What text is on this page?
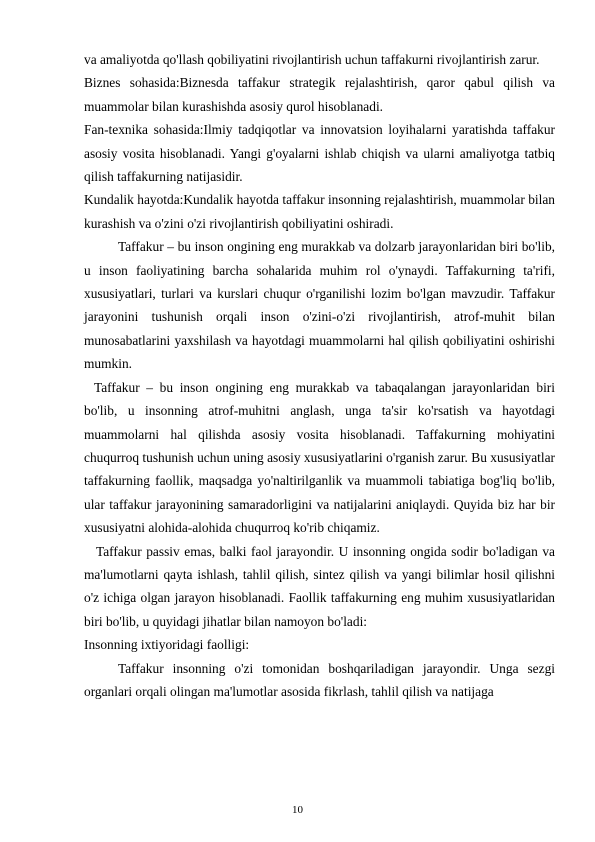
va amaliyotda qo'llash qobiliyatini rivojlantirish uchun taffakurni rivojlantirish zarur.

Biznes sohasida:Biznesda taffakur strategik rejalashtirish, qaror qabul qilish va muammolar bilan kurashishda asosiy qurol hisoblanadi.

Fan-texnika sohasida:Ilmiy tadqiqotlar va innovatsion loyihalarni yaratishda taffakur asosiy vosita hisoblanadi. Yangi g'oyalarni ishlab chiqish va ularni amaliyotga tatbiq qilish taffakurning natijasidir.

Kundalik hayotda:Kundalik hayotda taffakur insonning rejalashtirish, muammolar bilan kurashish va o'zini o'zi rivojlantirish qobiliyatini oshiradi.

Taffakur – bu inson ongining eng murakkab va dolzarb jarayonlaridan biri bo'lib, u inson faoliyatining barcha sohalarida muhim rol o'ynaydi. Taffakurning ta'rifi, xususiyatlari, turlari va kurslari chuqur o'rganilishi lozim bo'lgan mavzudir. Taffakur jarayonini tushunish orqali inson o'zini-o'zi rivojlantirish, atrof-muhit bilan munosabatlarini yaxshilash va hayotdagi muammolarni hal qilish qobiliyatini oshirishi mumkin.

Taffakur – bu inson ongining eng murakkab va tabaqalangan jarayonlaridan biri bo'lib, u insonning atrof-muhitni anglash, unga ta'sir ko'rsatish va hayotdagi muammolarni hal qilishda asosiy vosita hisoblanadi. Taffakurning mohiyatini chuqurroq tushunish uchun uning asosiy xususiyatlarini o'rganish zarur. Bu xususiyatlar taffakurning faollik, maqsadga yo'naltirilganlik va muammoli tabiatiga bog'liq bo'lib, ular taffakur jarayonining samaradorligini va natijalarini aniqlaydi. Quyida biz har bir xususiyatni alohida-alohida chuqurroq ko'rib chiqamiz.

Taffakur passiv emas, balki faol jarayondir. U insonning ongida sodir bo'ladigan va ma'lumotlarni qayta ishlash, tahlil qilish, sintez qilish va yangi bilimlar hosil qilishni o'z ichiga olgan jarayon hisoblanadi. Faollik taffakurning eng muhim xususiyatlaridan biri bo'lib, u quyidagi jihatlar bilan namoyon bo'ladi:

Insonning ixtiyoridagi faolligi:

Taffakur insonning o'zi tomonidan boshqariladigan jarayondir. Unga sezgi organlari orqali olingan ma'lumotlar asosida fikrlash, tahlil qilish va natijaga

10
